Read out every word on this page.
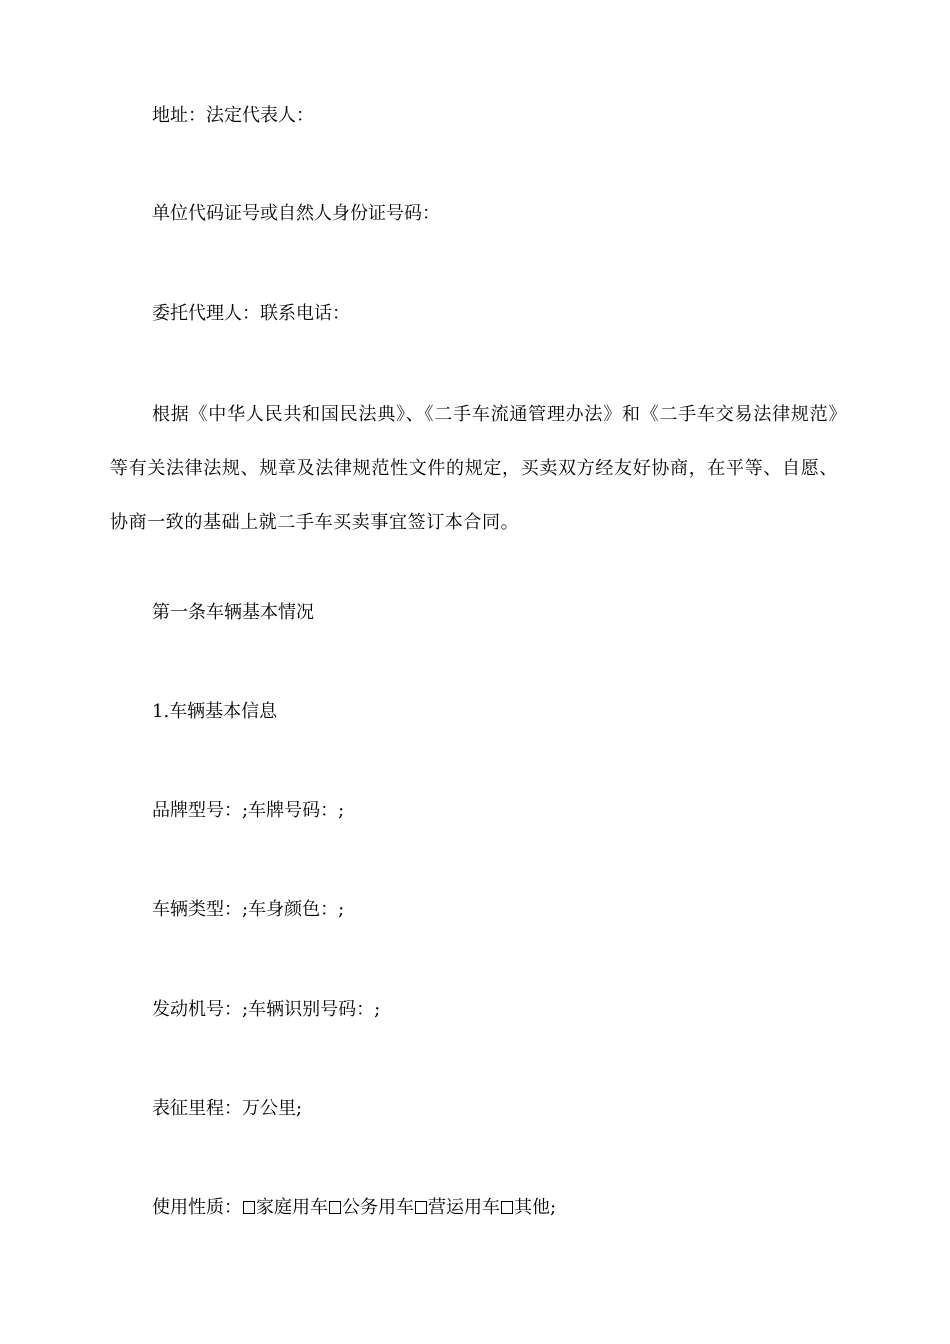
地址：法定代表人：
单位代码证号或自然人身份证号码：
委托代理人：联系电话：

根据《中华人民共和国民法典》、《二手车流通管理办法》和《二手车交易法律规范》等有关法律法规、规章及法律规范性文件的规定，买卖双方经友好协商，在平等、自愿、协商一致的基础上就二手车买卖事宜签订本合同。

第一条车辆基本情况
1.车辆基本信息
品牌型号：;车牌号码：;
车辆类型：;车身颜色：;
发动机号：;车辆识别号码：;
表征里程：万公里;
使用性质： 家庭用车 公务用车 营运用车 其他;
